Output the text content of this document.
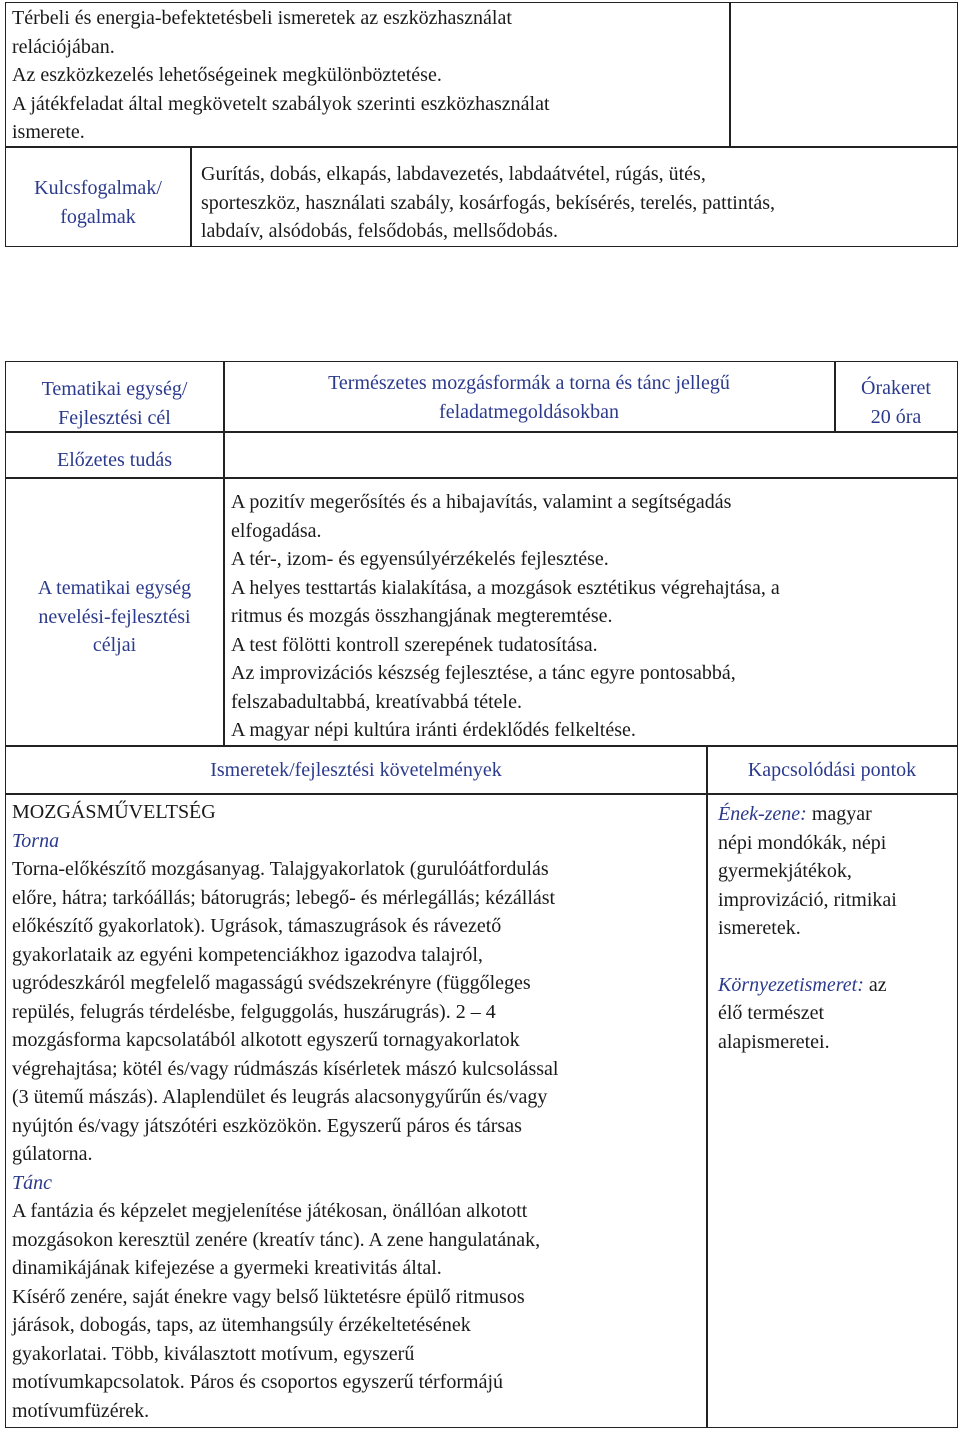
Térbeli és energia-befektetésbeli ismeretek az eszközhasználat
relációjában.
Az eszközkezelés lehetőségeinek megkülönböztetése.
A játékfeladat által megkövetelt szabályok szerinti eszközhasználat
ismerete.
Kulcsfogalmak/
fogalmak
Gurítás, dobás, elkapás, labdavezetés, labdaátvétel, rúgás, ütés,
sporteszköz, használati szabály, kosárfogás, bekísérés, terelés, pattintás,
labdaív, alsódobás, felsődobás, mellsődobás.
Tematikai egység/
Fejlesztési cél
Természetes mozgásformák a torna és tánc jellegű
feladatmegoldásokban
Órakeret
20 óra
Előzetes tudás
A tematikai egység
nevelési-fejlesztési
céljai
A pozitív megerősítés és a hibajavítás, valamint a segítségadás
elfogadása.
A tér-, izom- és egyensúlyérzékelés fejlesztése.
A helyes testtartás kialakítása, a mozgások esztétikus végrehajtása, a
ritmus és mozgás összhangjának megteremtése.
A test fölötti kontroll szerepének tudatosítása.
Az improvizációs készség fejlesztése, a tánc egyre pontosabbá,
felszabadultabbá, kreatívabbá tétele.
A magyar népi kultúra iránti érdeklődés felkeltése.
Ismeretek/fejlesztési követelmények	Kapcsolódási pontok
MOZGÁSMŰVELTSÉG
Torna
Torna-előkészítő mozgásanyag. Talajgyakorlatok (gurulóátfordulás
előre, hátra; tarkóállás; bátorugrás; lebegő- és mérlegállás; kézállást
előkészítő gyakorlatok). Ugrások, támaszugrások és rávezető
gyakorlataik az egyéni kompetenciákhoz igazodva talajról,
ugródeszkáról megfelelő magasságú svédszekrényre (függőleges
repülés, felugrás térdelésbe, felguggolás, huszárugrás). 2 – 4
mozgásforma kapcsolatából alkotott egyszerű tornagyakorlatok
végrehajtása; kötél és/vagy rúdmászás kísérletek mászó kulcsolással
(3 ütemű mászás). Alaplendület és leugrás alacsonygyűrűn és/vagy
nyújtón és/vagy játszótéri eszközökön. Egyszerű páros és társas
gúlatorna.
Tánc
A fantázia és képzelet megjelenítése játékosan, önállóan alkotott
mozgásokon keresztül zenére (kreatív tánc). A zene hangulatának,
dinamikájának kifejezése a gyermeki kreativitás által.
Kísérő zenére, saját énekre vagy belső lüktetésre épülő ritmusos
járások, dobogás, taps, az ütemhangsúly érzékeltetésének
gyakorlatai. Több, kiválasztott motívum, egyszerű
motívumkapcsolatok. Páros és csoportos egyszerű térformájú
motívumfüzérek.
Ének-zene: magyar
népi mondókák, népi
gyermekjátékok,
improvizáció, ritmikai
ismeretek.
Környezetismeret: az
élő természet
alapismeretei.
